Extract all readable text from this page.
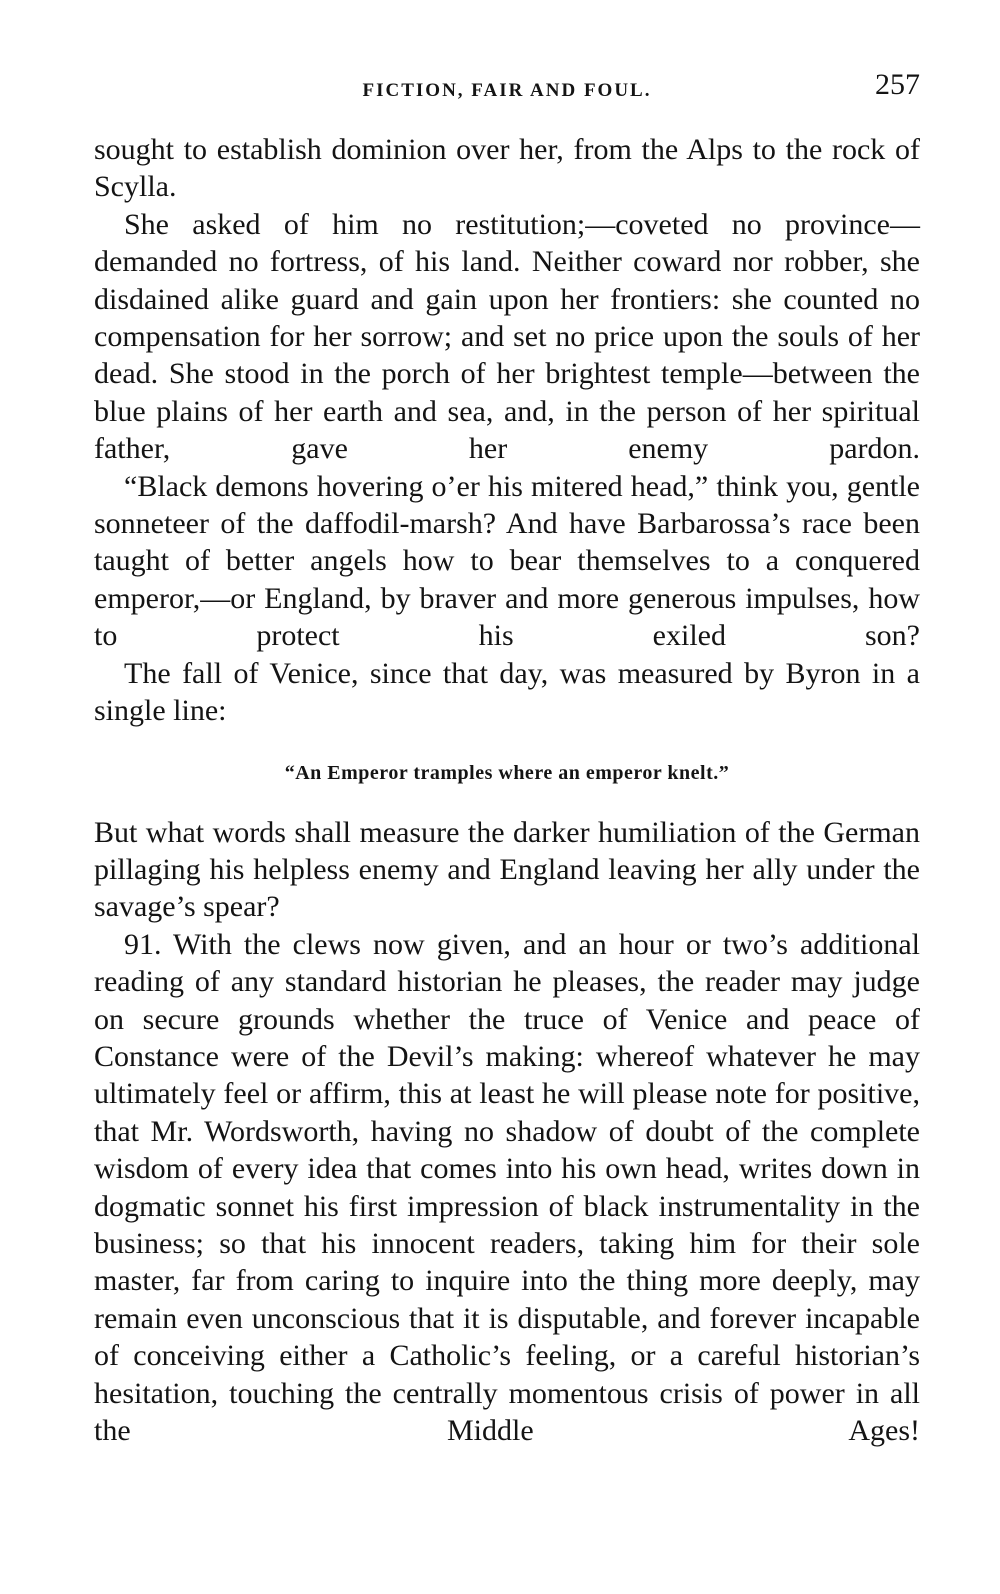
FICTION, FAIR AND FOUL.	257

sought to establish dominion over her, from the Alps to the rock of Scylla.

She asked of him no restitution;—coveted no province—demanded no fortress, of his land. Neither coward nor robber, she disdained alike guard and gain upon her frontiers: she counted no compensation for her sorrow; and set no price upon the souls of her dead. She stood in the porch of her brightest temple—between the blue plains of her earth and sea, and, in the person of her spiritual father, gave her enemy pardon.

“Black demons hovering o’er his mitered head,” think you, gentle sonneteer of the daffodil-marsh? And have Barbarossa’s race been taught of better angels how to bear themselves to a conquered emperor,—or England, by braver and more generous impulses, how to protect his exiled son?

The fall of Venice, since that day, was measured by Byron in a single line:

“An Emperor tramples where an emperor knelt.”

But what words shall measure the darker humiliation of the German pillaging his helpless enemy and England leaving her ally under the savage’s spear?

91. With the clews now given, and an hour or two’s additional reading of any standard historian he pleases, the reader may judge on secure grounds whether the truce of Venice and peace of Constance were of the Devil’s making: whereof whatever he may ultimately feel or affirm, this at least he will please note for positive, that Mr. Wordsworth, having no shadow of doubt of the complete wisdom of every idea that comes into his own head, writes down in dogmatic sonnet his first impression of black instrumentality in the business; so that his innocent readers, taking him for their sole master, far from caring to inquire into the thing more deeply, may remain even unconscious that it is disputable, and forever incapable of conceiving either a Catholic’s feeling, or a careful historian’s hesitation, touching the centrally momentous crisis of power in all the Middle Ages!
